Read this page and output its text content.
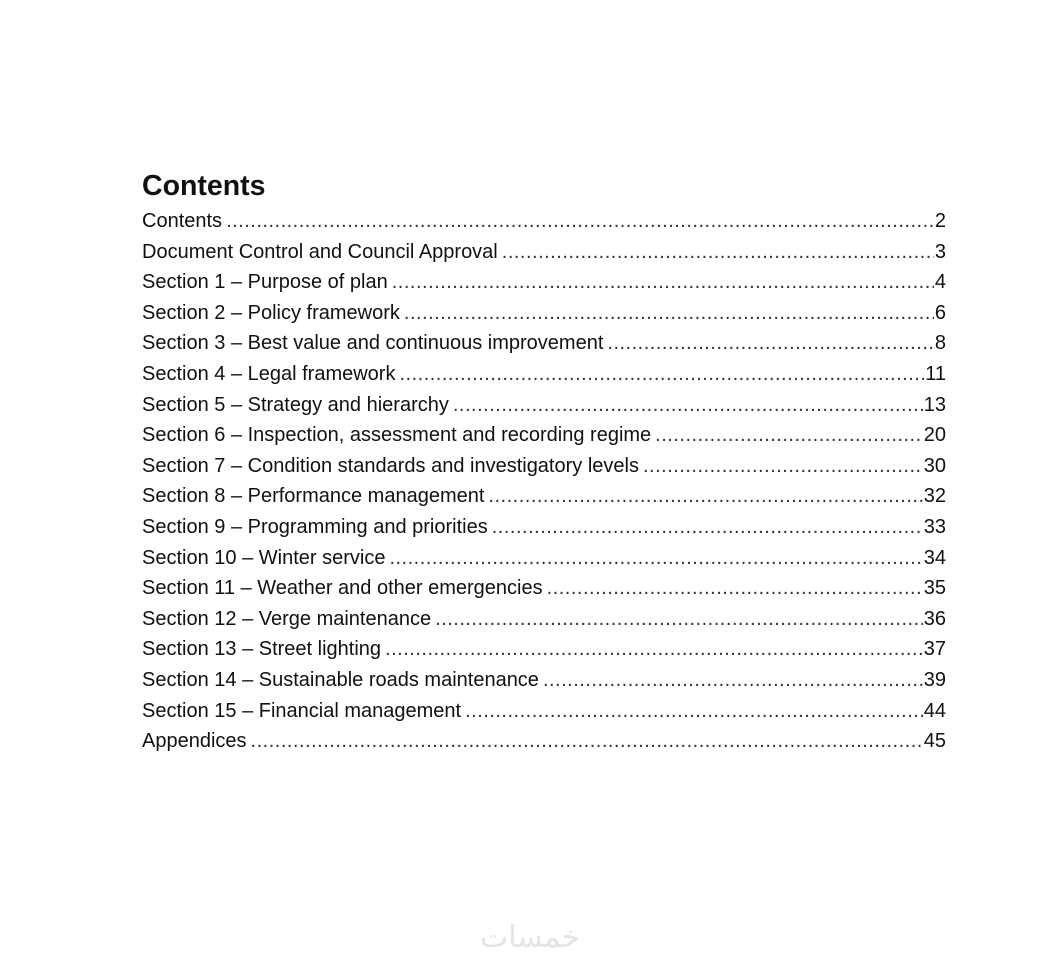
Contents
Contents .....	2
Document Control and Council Approval .....	3
Section 1 – Purpose of plan .....	4
Section 2 – Policy framework .....	6
Section 3 – Best value and continuous improvement .....	8
Section 4 – Legal framework .....	11
Section 5 – Strategy and hierarchy .....	13
Section 6 – Inspection, assessment and recording regime .....	20
Section 7 – Condition standards and investigatory levels .....	30
Section 8 – Performance management .....	32
Section 9 – Programming and priorities .....	33
Section 10 – Winter service .....	34
Section 11 – Weather and other emergencies .....	35
Section 12 – Verge maintenance .....	36
Section 13 – Street lighting .....	37
Section 14 – Sustainable roads maintenance .....	39
Section 15 – Financial management .....	44
Appendices .....	45
خمسات
